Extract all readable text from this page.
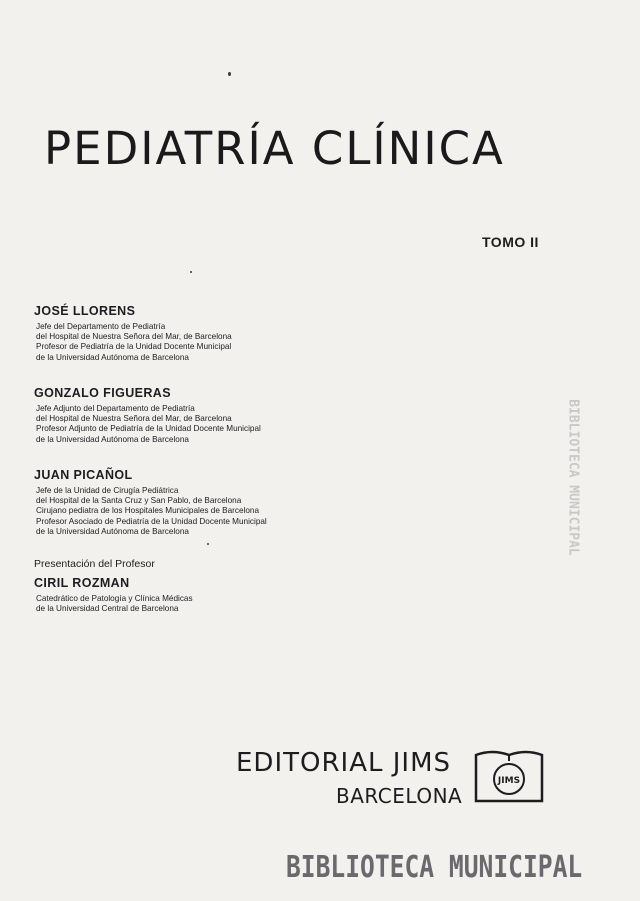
PEDIATRÍA CLÍNICA
TOMO II
JOSÉ LLORENS
Jefe del Departamento de Pediatría
del Hospital de Nuestra Señora del Mar, de Barcelona
Profesor de Pediatría de la Unidad Docente Municipal
de la Universidad Autónoma de Barcelona
GONZALO FIGUERAS
Jefe Adjunto del Departamento de Pediatría
del Hospital de Nuestra Señora del Mar, de Barcelona
Profesor Adjunto de Pediatría de la Unidad Docente Municipal
de la Universidad Autónoma de Barcelona
JUAN PICAÑOL
Jefe de la Unidad de Cirugía Pediátrica
del Hospital de la Santa Cruz y San Pablo, de Barcelona
Cirujano pediatra de los Hospitales Municipales de Barcelona
Profesor Asociado de Pediatría de la Unidad Docente Municipal
de la Universidad Autónoma de Barcelona
Presentación del Profesor
CIRIL ROZMAN
Catedrático de Patología y Clínica Médicas
de la Universidad Central de Barcelona
EDITORIAL JIMS
BARCELONA
JIMS
BIBLIOTECA MUNICIPAL
BIBLIOTECA MUNICIPAL
